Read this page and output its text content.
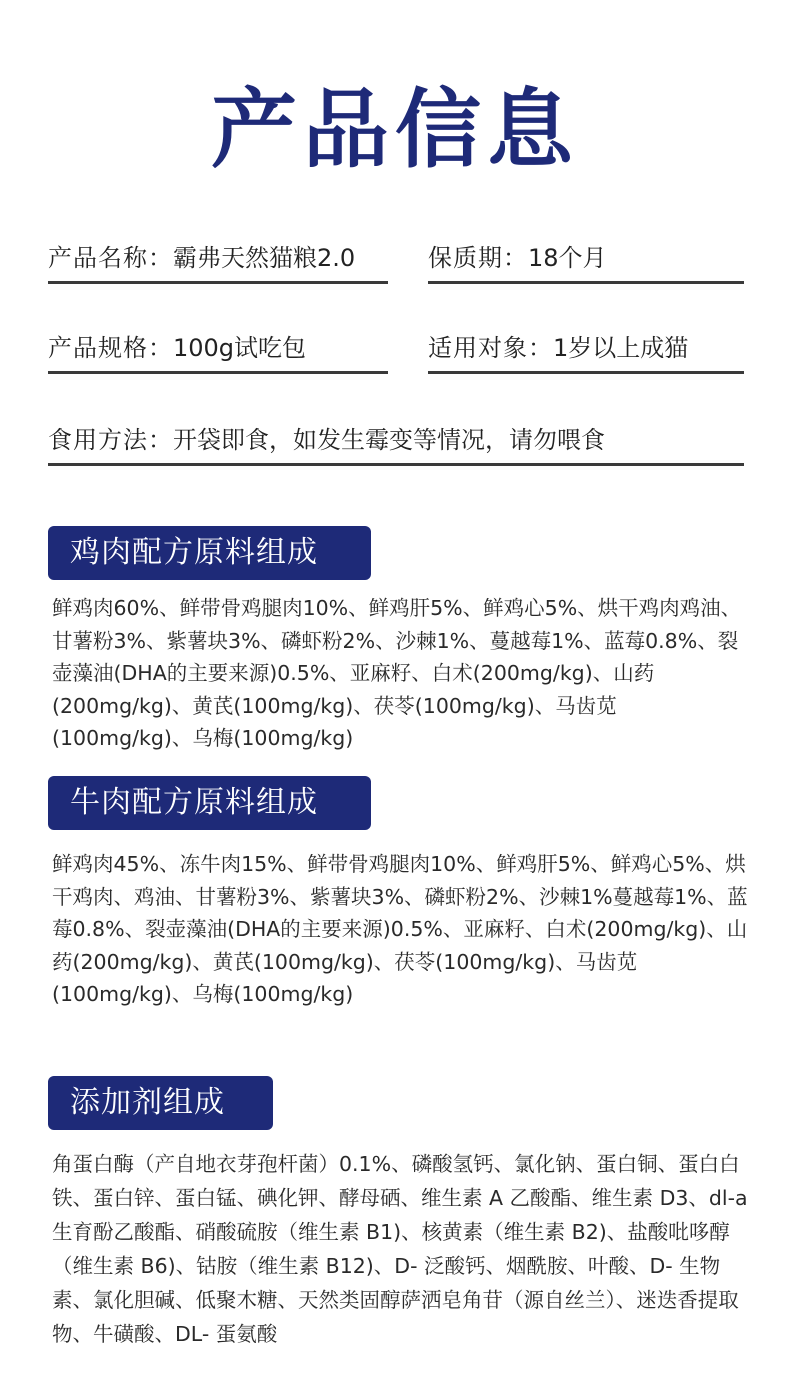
产品信息
产品名称：霸弗天然猫粮2.0	保质期：18个月
产品规格：100g试吃包	适用对象：1岁以上成猫
食用方法：开袋即食，如发生霉变等情况，请勿喂食
鸡肉配方原料组成

鲜鸡肉60%、鲜带骨鸡腿肉10%、鲜鸡肝5%、鲜鸡心5%、烘干鸡肉鸡油、甘薯粉3%、紫薯块3%、磷虾粉2%、沙棘1%、蔓越莓1%、蓝莓0.8%、裂壶藻油(DHA的主要来源)0.5%、亚麻籽、白术(200mg/kg)、山药(200mg/kg)、黄芪(100mg/kg)、茯苓(100mg/kg)、马齿苋(100mg/kg)、乌梅(100mg/kg)

牛肉配方原料组成

鲜鸡肉45%、冻牛肉15%、鲜带骨鸡腿肉10%、鲜鸡肝5%、鲜鸡心5%、烘干鸡肉、鸡油、甘薯粉3%、紫薯块3%、磷虾粉2%、沙棘1%蔓越莓1%、蓝莓0.8%、裂壶藻油(DHA的主要来源)0.5%、亚麻籽、白术(200mg/kg)、山药(200mg/kg)、黄芪(100mg/kg)、茯苓(100mg/kg)、马齿苋(100mg/kg)、乌梅(100mg/kg)

添加剂组成

角蛋白酶（产自地衣芽孢杆菌）0.1%、磷酸氢钙、氯化钠、蛋白铜、蛋白白铁、蛋白锌、蛋白锰、碘化钾、酵母硒、维生素 A 乙酸酯、维生素 D3、dl-a 生育酚乙酸酯、硝酸硫胺（维生素 B1)、核黄素（维生素 B2)、盐酸吡哆醇（维生素 B6)、钴胺（维生素 B12)、D- 泛酸钙、烟酰胺、叶酸、D- 生物素、氯化胆碱、低聚木糖、天然类固醇萨洒皂角苷（源自丝兰）、迷迭香提取物、牛磺酸、DL- 蛋氨酸
